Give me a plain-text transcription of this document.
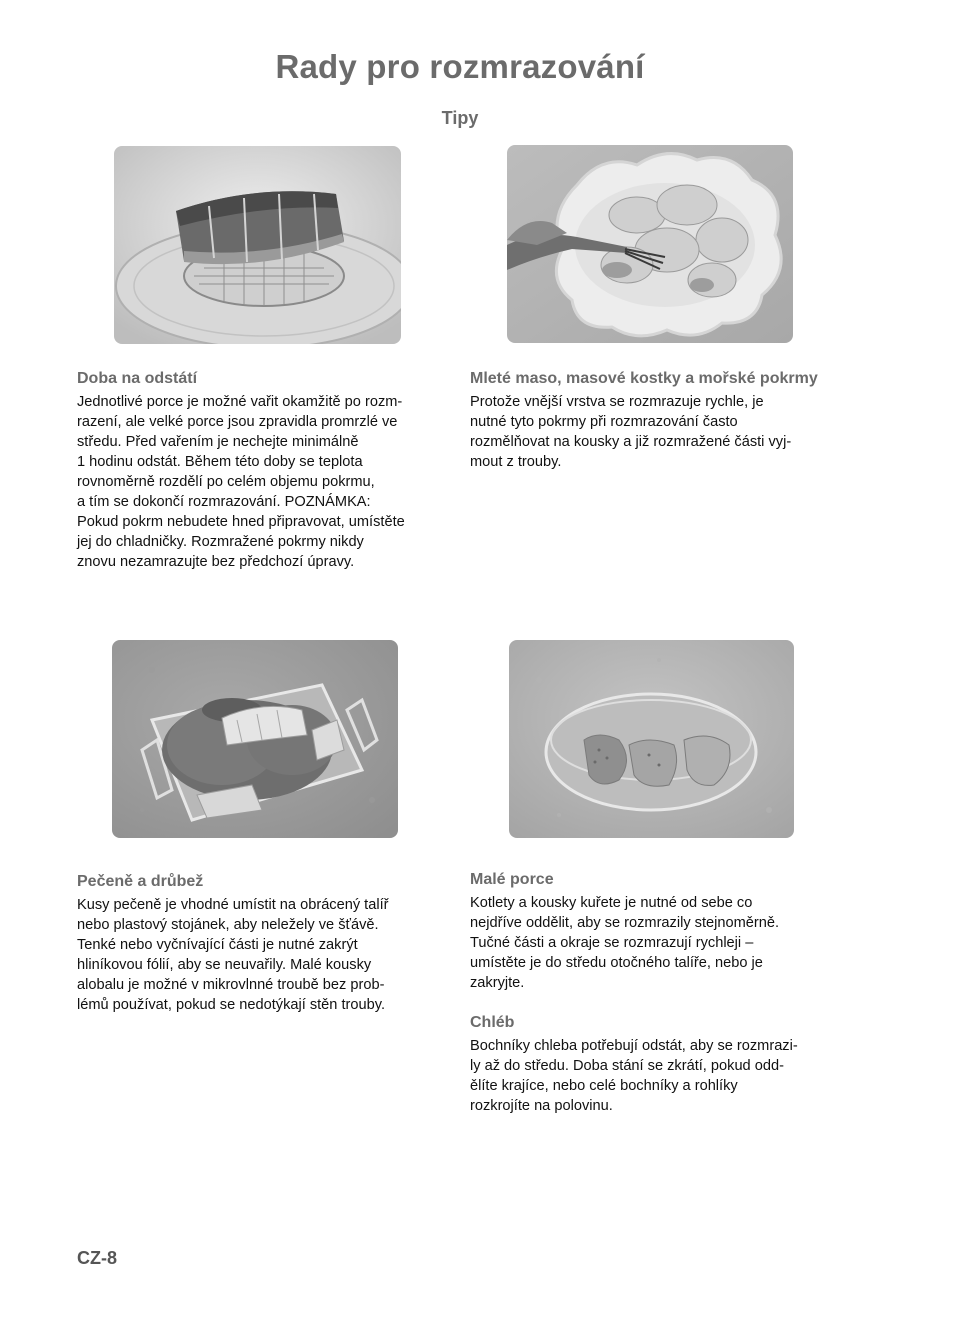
Rady pro rozmrazování
Tipy
Doba na odstátí

Jednotlivé porce je možné vařit okamžitě po rozm-
razení, ale velké porce jsou zpravidla promrzlé ve
středu. Před vařením je nechejte minimálně
1 hodinu odstát. Během této doby se teplota
rovnoměrně rozdělí po celém objemu pokrmu,
a tím se dokončí rozmrazování. POZNÁMKA:
Pokud pokrm nebudete hned připravovat, umístěte
jej do chladničky. Rozmražené pokrmy nikdy
znovu nezamrazujte bez předchozí úpravy.

Mleté maso, masové kostky a mořské pokrmy

Protože vnější vrstva se rozmrazuje rychle, je
nutné tyto pokrmy při rozmrazování často
rozmělňovat na kousky a již rozmražené části vyj-
mout z trouby.

Pečeně a drůbež

Kusy pečeně je vhodné umístit na obrácený talíř
nebo plastový stojánek, aby neležely ve šťávě.
Tenké nebo vyčnívající části je nutné zakrýt
hliníkovou fólií, aby se neuvařily. Malé kousky
alobalu je možné v mikrovlnné troubě bez prob-
lémů používat, pokud se nedotýkají stěn trouby.

Malé porce

Kotlety a kousky kuřete je nutné od sebe co
nejdříve oddělit, aby se rozmrazily stejnoměrně.
Tučné části a okraje se rozmrazují rychleji –
umístěte je do středu otočného talíře, nebo je
zakryjte.

Chléb

Bochníky chleba potřebují odstát, aby se rozmrazi-
ly až do středu. Doba stání se zkrátí, pokud odd-
ělíte krajíce, nebo celé bochníky a rohlíky
rozkrojíte na polovinu.

CZ-8
